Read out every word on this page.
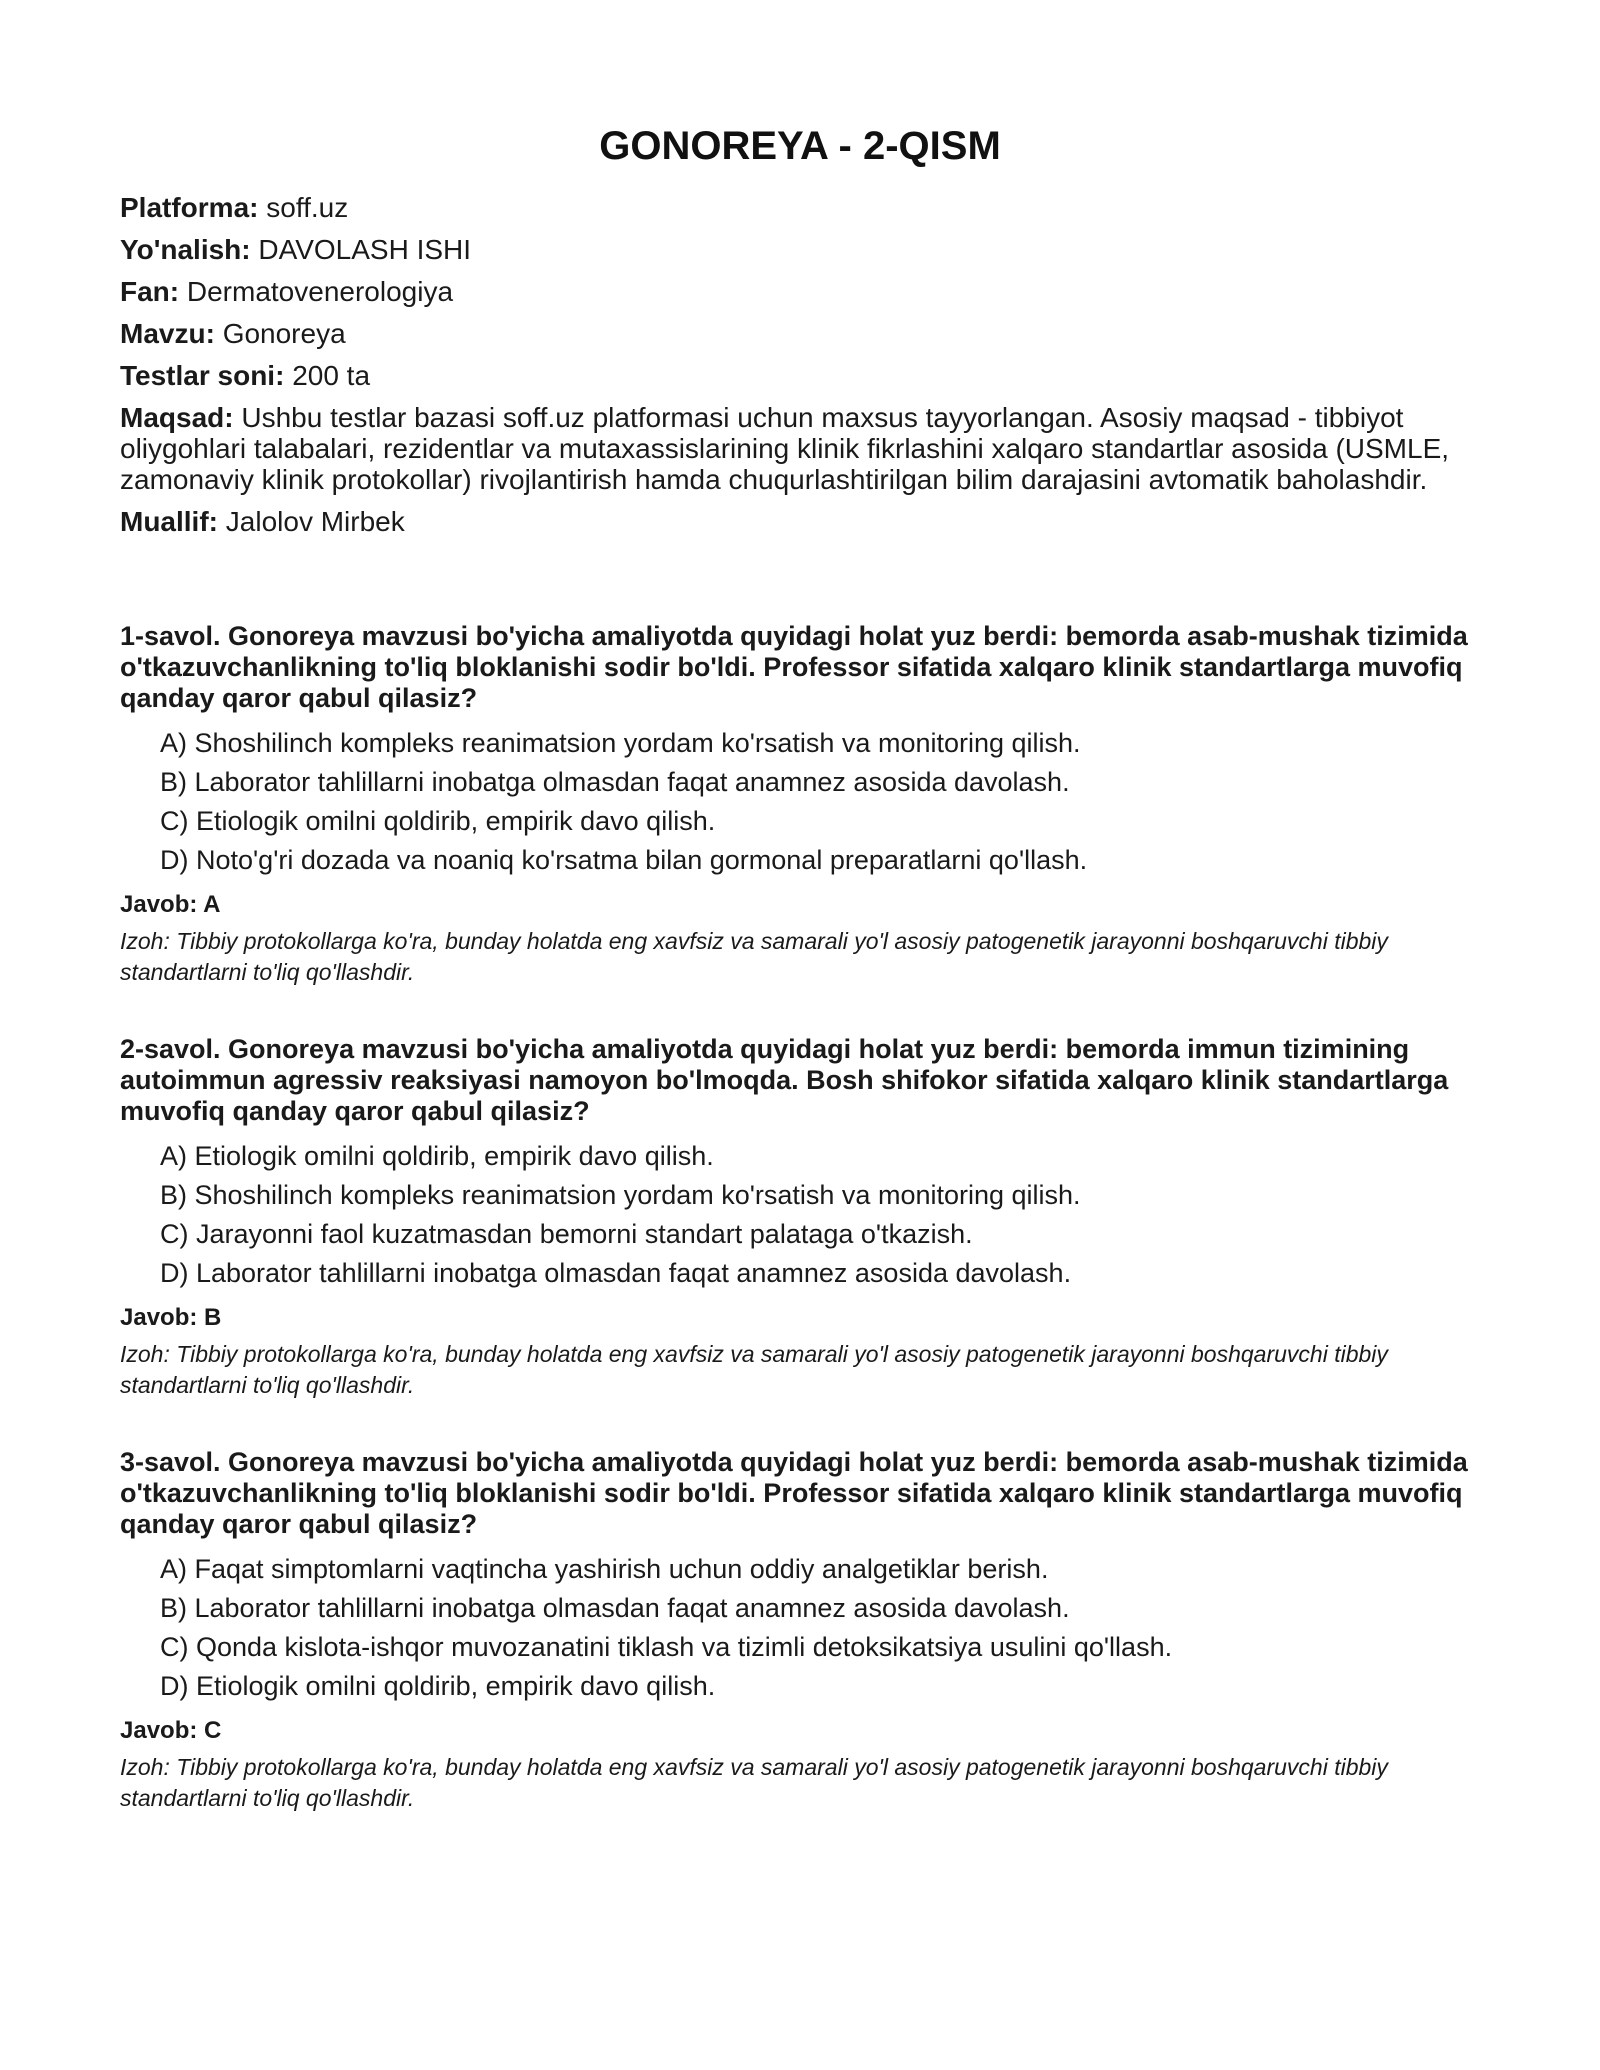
GONOREYA - 2-QISM
Platforma: soff.uz
Yo'nalish: DAVOLASH ISHI
Fan: Dermatovenerologiya
Mavzu: Gonoreya
Testlar soni: 200 ta
Maqsad: Ushbu testlar bazasi soff.uz platformasi uchun maxsus tayyorlangan. Asosiy maqsad - tibbiyot oliygohlari talabalari, rezidentlar va mutaxassislarining klinik fikrlashini xalqaro standartlar asosida (USMLE, zamonaviy klinik protokollar) rivojlantirish hamda chuqurlashtirilgan bilim darajasini avtomatik baholashdir.
Muallif: Jalolov Mirbek

1-savol. Gonoreya mavzusi bo'yicha amaliyotda quyidagi holat yuz berdi: bemorda asab-mushak tizimida o'tkazuvchanlikning to'liq bloklanishi sodir bo'ldi. Professor sifatida xalqaro klinik standartlarga muvofiq qanday qaror qabul qilasiz?

A) Shoshilinch kompleks reanimatsion yordam ko'rsatish va monitoring qilish.
B) Laborator tahlillarni inobatga olmasdan faqat anamnez asosida davolash.
C) Etiologik omilni qoldirib, empirik davo qilish.
D) Noto'g'ri dozada va noaniq ko'rsatma bilan gormonal preparatlarni qo'llash.
Javob: A
Izoh: Tibbiy protokollarga ko'ra, bunday holatda eng xavfsiz va samarali yo'l asosiy patogenetik jarayonni boshqaruvchi tibbiy standartlarni to'liq qo'llashdir.

2-savol. Gonoreya mavzusi bo'yicha amaliyotda quyidagi holat yuz berdi: bemorda immun tizimining autoimmun agressiv reaksiyasi namoyon bo'lmoqda. Bosh shifokor sifatida xalqaro klinik standartlarga muvofiq qanday qaror qabul qilasiz?

A) Etiologik omilni qoldirib, empirik davo qilish.
B) Shoshilinch kompleks reanimatsion yordam ko'rsatish va monitoring qilish.
C) Jarayonni faol kuzatmasdan bemorni standart palataga o'tkazish.
D) Laborator tahlillarni inobatga olmasdan faqat anamnez asosida davolash.
Javob: B
Izoh: Tibbiy protokollarga ko'ra, bunday holatda eng xavfsiz va samarali yo'l asosiy patogenetik jarayonni boshqaruvchi tibbiy standartlarni to'liq qo'llashdir.

3-savol. Gonoreya mavzusi bo'yicha amaliyotda quyidagi holat yuz berdi: bemorda asab-mushak tizimida o'tkazuvchanlikning to'liq bloklanishi sodir bo'ldi. Professor sifatida xalqaro klinik standartlarga muvofiq qanday qaror qabul qilasiz?

A) Faqat simptomlarni vaqtincha yashirish uchun oddiy analgetiklar berish.
B) Laborator tahlillarni inobatga olmasdan faqat anamnez asosida davolash.
C) Qonda kislota-ishqor muvozanatini tiklash va tizimli detoksikatsiya usulini qo'llash.
D) Etiologik omilni qoldirib, empirik davo qilish.
Javob: C
Izoh: Tibbiy protokollarga ko'ra, bunday holatda eng xavfsiz va samarali yo'l asosiy patogenetik jarayonni boshqaruvchi tibbiy standartlarni to'liq qo'llashdir.
